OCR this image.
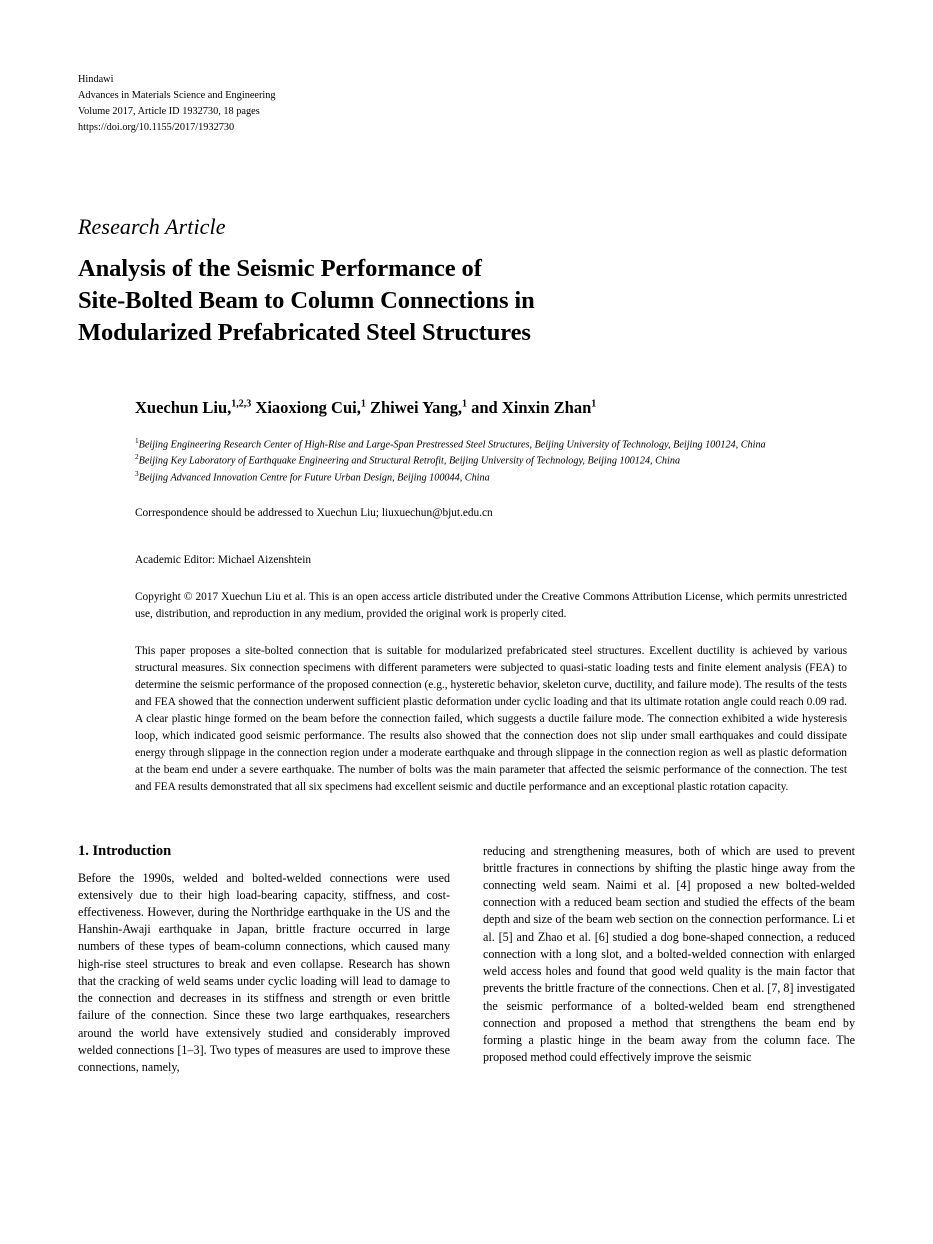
Hindawi
Advances in Materials Science and Engineering
Volume 2017, Article ID 1932730, 18 pages
https://doi.org/10.1155/2017/1932730
Research Article
Analysis of the Seismic Performance of
Site-Bolted Beam to Column Connections in
Modularized Prefabricated Steel Structures
Xuechun Liu,$^{1,2,3}$ Xiaoxiong Cui,$^1$ Zhiwei Yang,$^1$ and Xinxin Zhan$^1$
$^1$Beijing Engineering Research Center of High-Rise and Large-Span Prestressed Steel Structures, Beijing University of Technology, Beijing 100124, China
$^2$Beijing Key Laboratory of Earthquake Engineering and Structural Retrofit, Beijing University of Technology, Beijing 100124, China
$^3$Beijing Advanced Innovation Centre for Future Urban Design, Beijing 100044, China
Correspondence should be addressed to Xuechun Liu; liuxuechun@bjut.edu.cn
Academic Editor: Michael Aizenshtein
Copyright © 2017 Xuechun Liu et al. This is an open access article distributed under the Creative Commons Attribution License, which permits unrestricted use, distribution, and reproduction in any medium, provided the original work is properly cited.
This paper proposes a site-bolted connection that is suitable for modularized prefabricated steel structures. Excellent ductility is achieved by various structural measures. Six connection specimens with different parameters were subjected to quasi-static loading tests and finite element analysis (FEA) to determine the seismic performance of the proposed connection (e.g., hysteretic behavior, skeleton curve, ductility, and failure mode). The results of the tests and FEA showed that the connection underwent sufficient plastic deformation under cyclic loading and that its ultimate rotation angle could reach 0.09 rad. A clear plastic hinge formed on the beam before the connection failed, which suggests a ductile failure mode. The connection exhibited a wide hysteresis loop, which indicated good seismic performance. The results also showed that the connection does not slip under small earthquakes and could dissipate energy through slippage in the connection region under a moderate earthquake and through slippage in the connection region as well as plastic deformation at the beam end under a severe earthquake. The number of bolts was the main parameter that affected the seismic performance of the connection. The test and FEA results demonstrated that all six specimens had excellent seismic and ductile performance and an exceptional plastic rotation capacity.
1. Introduction

Before the 1990s, welded and bolted-welded connections were used extensively due to their high load-bearing capacity, stiffness, and cost-effectiveness. However, during the Northridge earthquake in the US and the Hanshin-Awaji earthquake in Japan, brittle fracture occurred in large numbers of these types of beam-column connections, which caused many high-rise steel structures to break and even collapse. Research has shown that the cracking of weld seams under cyclic loading will lead to damage to the connection and decreases in its stiffness and strength or even brittle failure of the connection. Since these two large earthquakes, researchers around the world have extensively studied and considerably improved welded connections [1–3]. Two types of measures are used to improve these connections, namely,

reducing and strengthening measures, both of which are used to prevent brittle fractures in connections by shifting the plastic hinge away from the connecting weld seam. Naimi et al. [4] proposed a new bolted-welded connection with a reduced beam section and studied the effects of the beam depth and size of the beam web section on the connection performance. Li et al. [5] and Zhao et al. [6] studied a dog bone-shaped connection, a reduced connection with a long slot, and a bolted-welded connection with enlarged weld access holes and found that good weld quality is the main factor that prevents the brittle fracture of the connections. Chen et al. [7, 8] investigated the seismic performance of a bolted-welded beam end strengthened connection and proposed a method that strengthens the beam end by forming a plastic hinge in the beam away from the column face. The proposed method could effectively improve the seismic
